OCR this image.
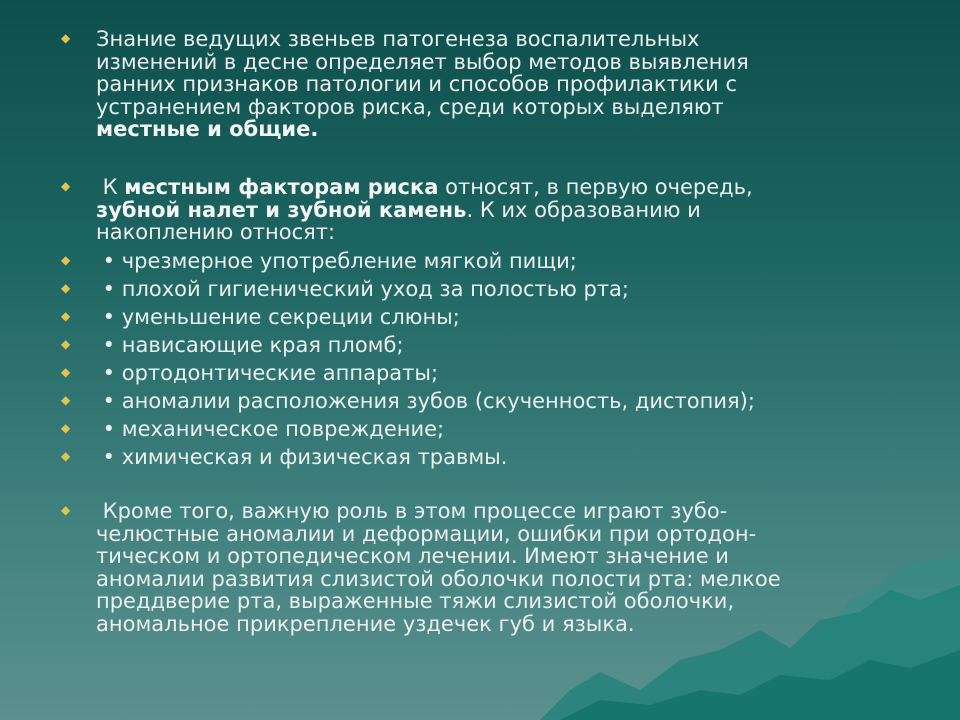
◆ Знание ведущих звеньев патогенеза воспалительных
изменений в десне определяет выбор методов выявления
ранних признаков патологии и способов профилактики с
устранением факторов риска, среди которых выделяют
местные и общие.

◆ К местным факторам риска относят, в первую очередь,
зубной налет и зубной камень. К их образованию и
накоплению относят:

◆ • чрезмерное употребление мягкой пищи;

◆ • плохой гигиенический уход за полостью рта;

◆ • уменьшение секреции слюны;

◆ • нависающие края пломб;

◆ • ортодонтические аппараты;

◆ • аномалии расположения зубов (скученность, дистопия);

◆ • механическое повреждение;

◆ • химическая и физическая травмы.

◆ Кроме того, важную роль в этом процессе играют зубо-
челюстные аномалии и деформации, ошибки при ортодон-
тическом и ортопедическом лечении. Имеют значение и
аномалии развития слизистой оболочки полости рта: мелкое
преддверие рта, выраженные тяжи слизистой оболочки,
аномальное прикрепление уздечек губ и языка.
